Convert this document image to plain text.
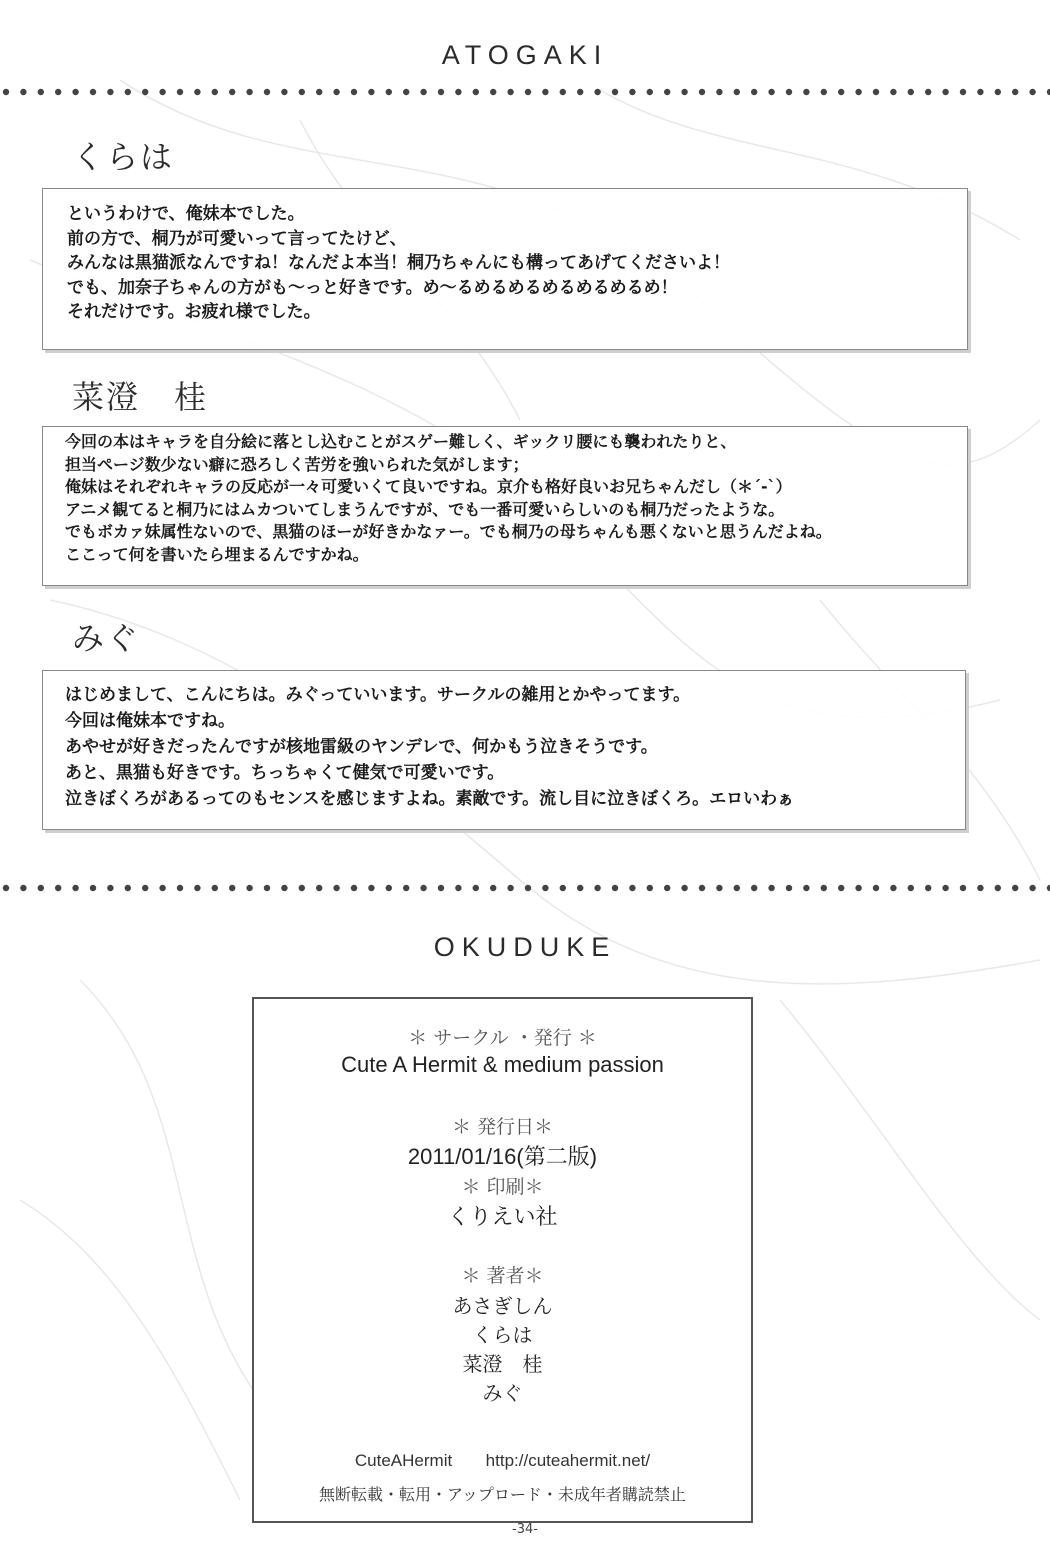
ATOGAKI
くらは
というわけで、俺妹本でした。
前の方で、桐乃が可愛いって言ってたけど、
みんなは黒猫派なんですね！なんだよ本当！桐乃ちゃんにも構ってあげてくださいよ！
でも、加奈子ちゃんの方がも～っと好きです。め～るめるめるめるめるめるめ！
それだけです。お疲れ様でした。
菜澄　桂
今回の本はキャラを自分絵に落とし込むことがスゲー難しく、ギックリ腰にも襲われたりと、
担当ページ数少ない癖に恐ろしく苦労を強いられた気がします；
俺妹はそれぞれキャラの反応が一々可愛いくて良いですね。京介も格好良いお兄ちゃんだし（＊´-`）
アニメ観てると桐乃にはムカついてしまうんですが、でも一番可愛いらしいのも桐乃だったような。
でもボカァ妹属性ないので、黒猫のほーが好きかなァー。でも桐乃の母ちゃんも悪くないと思うんだよね。
ここって何を書いたら埋まるんですかね。
みぐ
はじめまして、こんにちは。みぐっていいます。サークルの雑用とかやってます。
今回は俺妹本ですね。
あやせが好きだったんですが核地雷級のヤンデレで、何かもう泣きそうです。
あと、黒猫も好きです。ちっちゃくて健気で可愛いです。
泣きぼくろがあるってのもセンスを感じますよね。素敵です。流し目に泣きぼくろ。エロいわぁ
OKUDUKE
＊ サークル ・発行 ＊
Cute A Hermit & medium passion
＊ 発行日＊
2011/01/16(第二版)
＊ 印刷＊
くりえい社
＊ 著者＊
あさぎしん
くらは
菜澄　桂
みぐ
CuteAHermit http://cuteahermit.net/
無断転載・転用・アップロード・未成年者購読禁止
-34-
